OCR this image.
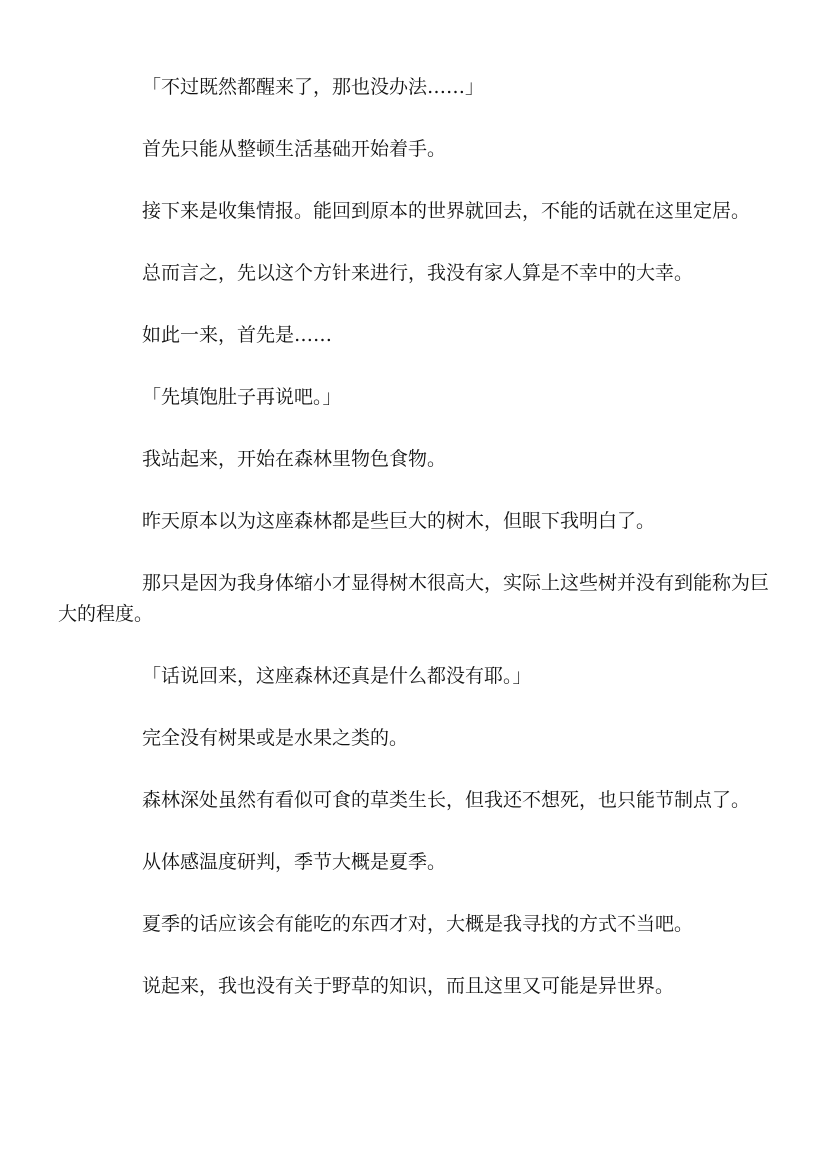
「不过既然都醒来了，那也没办法……」

首先只能从整顿生活基础开始着手。

接下来是收集情报。能回到原本的世界就回去，不能的话就在这里定居。

总而言之，先以这个方针来进行，我没有家人算是不幸中的大幸。

如此一来，首先是……

「先填饱肚子再说吧。」

我站起来，开始在森林里物色食物。

昨天原本以为这座森林都是些巨大的树木，但眼下我明白了。

那只是因为我身体缩小才显得树木很高大，实际上这些树并没有到能称为巨大的程度。

「话说回来，这座森林还真是什么都没有耶。」

完全没有树果或是水果之类的。

森林深处虽然有看似可食的草类生长，但我还不想死，也只能节制点了。

从体感温度研判，季节大概是夏季。

夏季的话应该会有能吃的东西才对，大概是我寻找的方式不当吧。

说起来，我也没有关于野草的知识，而且这里又可能是异世界。
